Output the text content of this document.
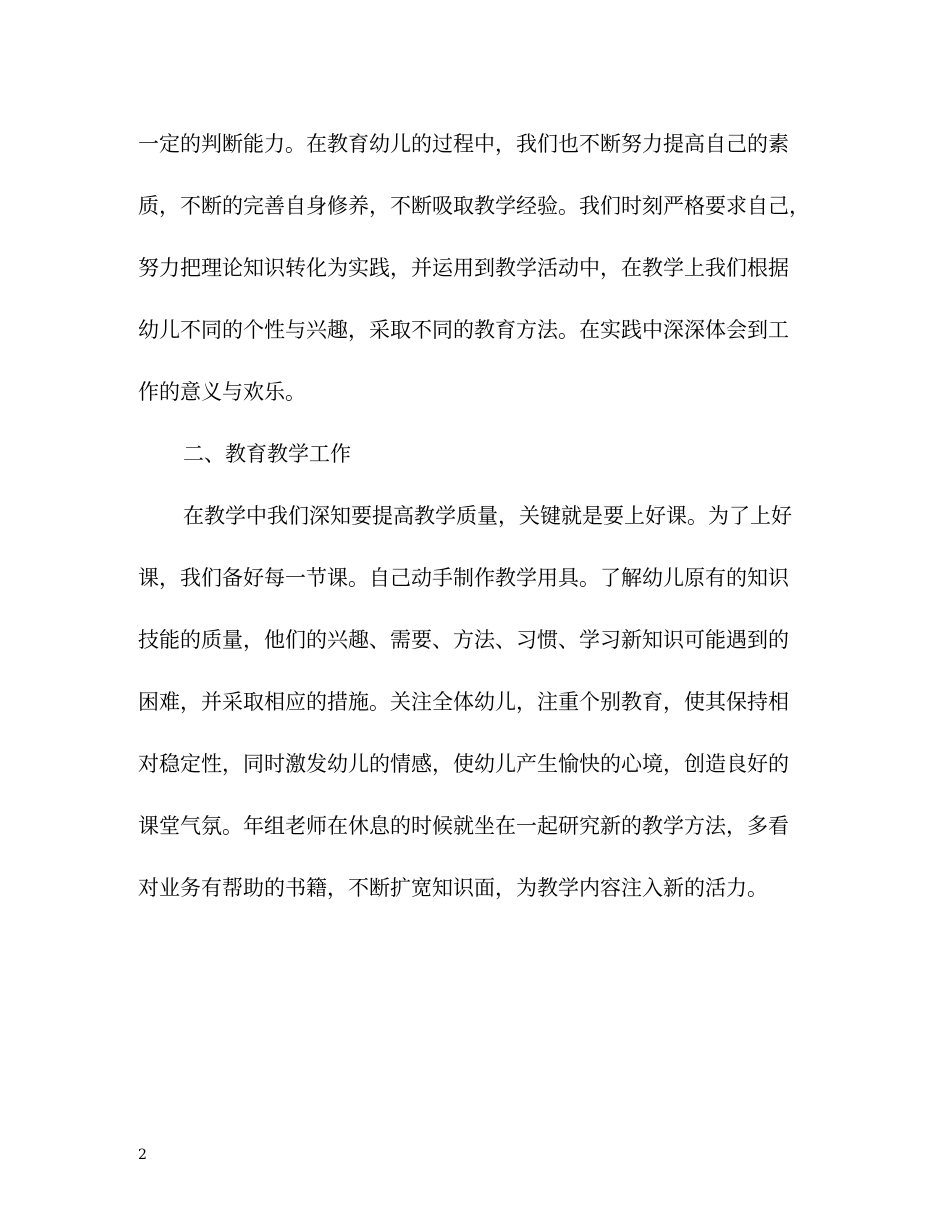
一定的判断能力。在教育幼儿的过程中，我们也不断努力提高自己的素

质，不断的完善自身修养，不断吸取教学经验。我们时刻严格要求自己，

努力把理论知识转化为实践，并运用到教学活动中，在教学上我们根据

幼儿不同的个性与兴趣，采取不同的教育方法。在实践中深深体会到工

作的意义与欢乐。

二、教育教学工作

在教学中我们深知要提高教学质量，关键就是要上好课。为了上好

课，我们备好每一节课。自己动手制作教学用具。了解幼儿原有的知识

技能的质量，他们的兴趣、需要、方法、习惯、学习新知识可能遇到的

困难，并采取相应的措施。关注全体幼儿，注重个别教育，使其保持相

对稳定性，同时激发幼儿的情感，使幼儿产生愉快的心境，创造良好的

课堂气氛。年组老师在休息的时候就坐在一起研究新的教学方法，多看

对业务有帮助的书籍，不断扩宽知识面，为教学内容注入新的活力。

2
